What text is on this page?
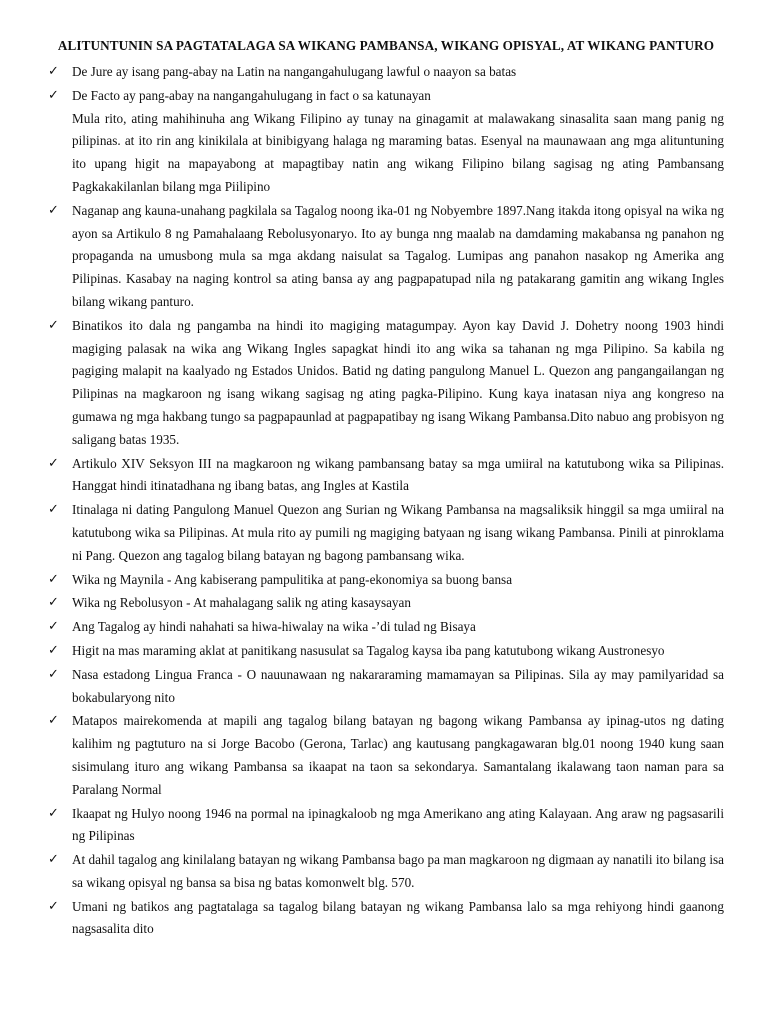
ALITUNTUNIN SA PAGTATALAGA SA WIKANG PAMBANSA, WIKANG OPISYAL, AT WIKANG PANTURO
✓ De Jure ay isang pang-abay na Latin na nangangahulugang lawful o naayon sa batas
✓ De Facto ay pang-abay na nangangahulugang in fact o sa katunayan
Mula rito, ating mahihinuha ang Wikang Filipino ay tunay na ginagamit at malawakang sinasalita saan mang panig ng pilipinas. at ito rin ang kinikilala at binibigyang halaga ng maraming batas. Esenyal na maunawaan ang mga alituntuning ito upang higit na mapayabong at mapagtibay natin ang wikang Filipino bilang sagisag ng ating Pambansang Pagkakakilanlan bilang mga Piilipino
✓ Naganap ang kauna-unahang pagkilala sa Tagalog noong ika-01 ng Nobyembre 1897.Nang itakda itong opisyal na wika ng ayon sa Artikulo 8 ng Pamahalaang Rebolusyonaryo. Ito ay bunga nng maalab na damdaming makabansa ng panahon ng propaganda na umusbong mula sa mga akdang naisulat sa Tagalog. Lumipas ang panahon nasakop ng Amerika ang Pilipinas. Kasabay na naging kontrol sa ating bansa ay ang pagpapatupad nila ng patakarang gamitin ang wikang Ingles bilang wikang panturo.
✓ Binatikos ito dala ng pangamba na hindi ito magiging matagumpay. Ayon kay David J. Dohetry noong 1903 hindi magiging palasak na wika ang Wikang Ingles sapagkat hindi ito ang wika sa tahanan ng mga Pilipino. Sa kabila ng pagiging malapit na kaalyado ng Estados Unidos. Batid ng dating pangulong Manuel L. Quezon ang pangangailangan ng Pilipinas na magkaroon ng isang wikang sagisag ng ating pagka-Pilipino. Kung kaya inatasan niya ang kongreso na gumawa ng mga hakbang tungo sa pagpapaunlad at pagpapatibay ng isang Wikang Pambansa.Dito nabuo ang probisyon ng saligang batas 1935.
✓ Artikulo XIV Seksyon III na magkaroon ng wikang pambansang batay sa mga umiiral na katutubong wika sa Pilipinas. Hanggat hindi itinatadhana ng ibang batas, ang Ingles at Kastila
✓ Itinalaga ni dating Pangulong Manuel Quezon ang Surian ng Wikang Pambansa na magsaliksik hinggil sa mga umiiral na katutubong wika sa Pilipinas. At mula rito ay pumili ng magiging batyaan ng isang wikang Pambansa. Pinili at pinroklama ni Pang. Quezon ang tagalog bilang batayan ng bagong pambansang wika.
✓ Wika ng Maynila - Ang kabiserang pampulitika at pang-ekonomiya sa buong bansa
✓ Wika ng Rebolusyon - At mahalagang salik ng ating kasaysayan
✓ Ang Tagalog ay hindi nahahati sa hiwa-hiwalay na wika -’di tulad ng Bisaya
✓ Higit na mas maraming aklat at panitikang nasusulat sa Tagalog kaysa iba pang katutubong wikang Austronesyo
✓ Nasa estadong Lingua Franca - O nauunawaan ng nakararaming mamamayan sa Pilipinas. Sila ay may pamilyaridad sa bokabularyong nito
✓ Matapos mairekomenda at mapili ang tagalog bilang batayan ng bagong wikang Pambansa ay ipinag-utos ng dating kalihim ng pagtuturo na si Jorge Bacobo (Gerona, Tarlac) ang kautusang pangkagawaran blg.01 noong 1940 kung saan sisimulang ituro ang wikang Pambansa sa ikaapat na taon sa sekondarya. Samantalang ikalawang taon naman para sa Paralang Normal
✓ Ikaapat ng Hulyo noong 1946 na pormal na ipinagkaloob ng mga Amerikano ang ating Kalayaan. Ang araw ng pagsasarili ng Pilipinas
✓ At dahil tagalog ang kinilalang batayan ng wikang Pambansa bago pa man magkaroon ng digmaan ay nanatili ito bilang isa sa wikang opisyal ng bansa sa bisa ng batas komonwelt blg. 570.
✓ Umani ng batikos ang pagtatalaga sa tagalog bilang batayan ng wikang Pambansa lalo sa mga rehiyong hindi gaanong nagsasalita dito
